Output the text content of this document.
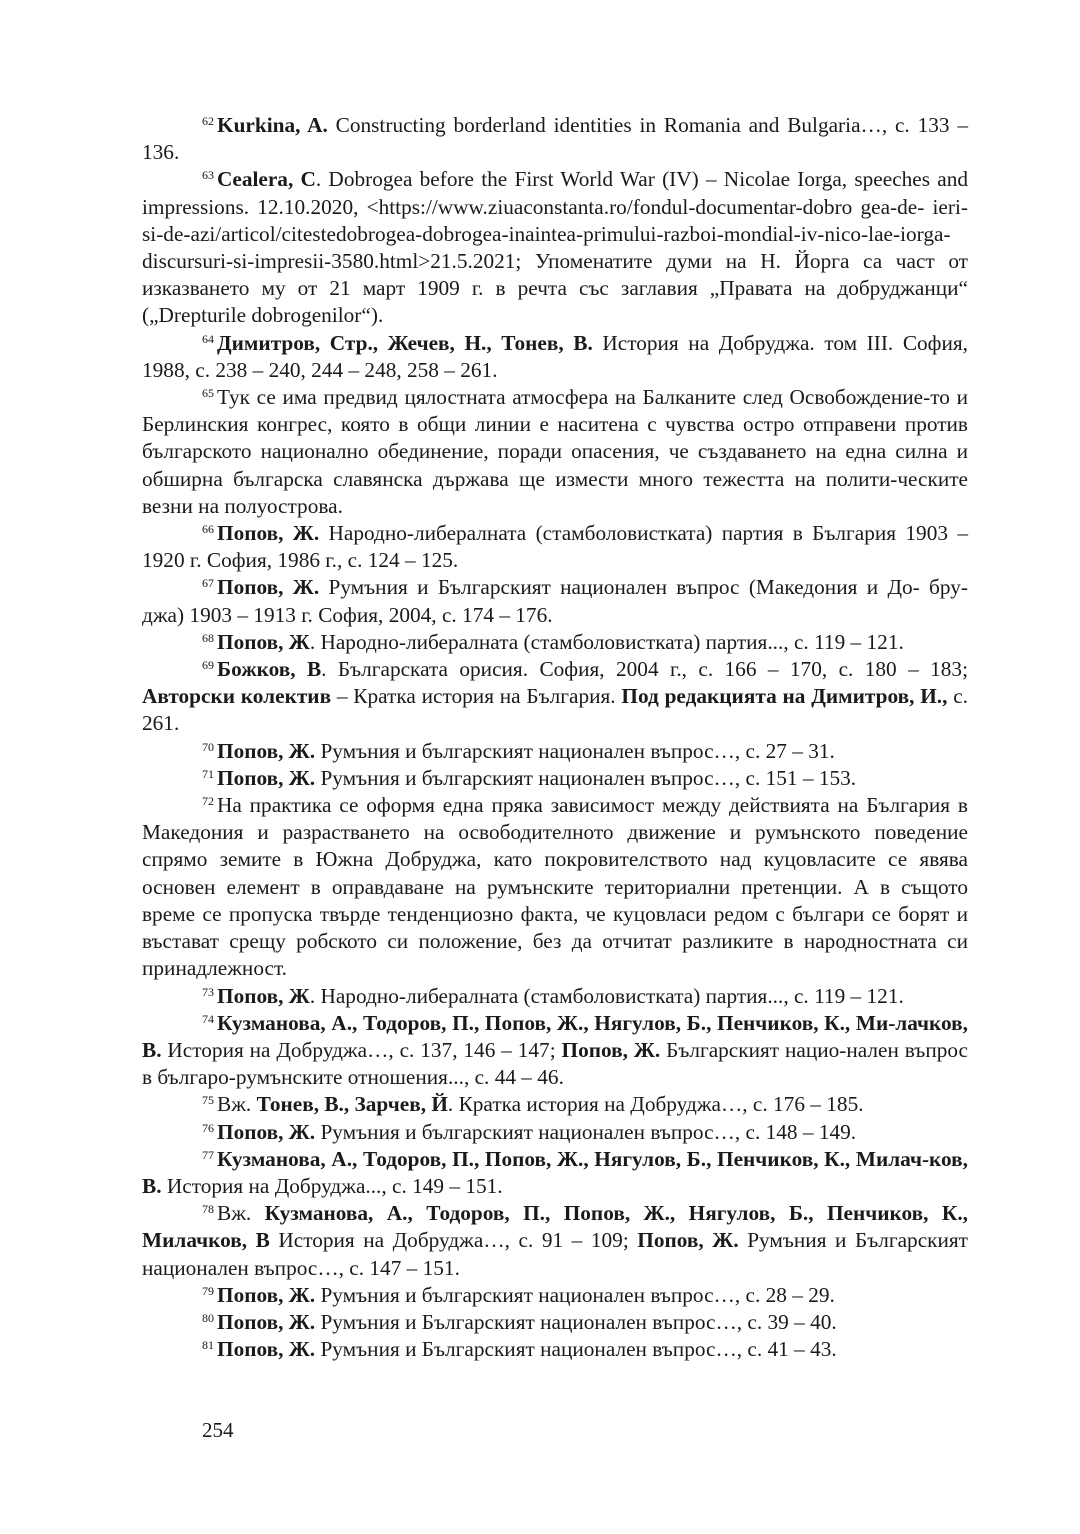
$^{62}$ Kurkina, A. Constructing borderland identities in Romania and Bulgaria…, с. 133 – 136.

$^{63}$ Cealera, C. Dobrogea before the First World War (IV) – Nicolae Iorga, speeches and impressions. 12.10.2020, <https://www.ziuaconstanta.ro/fondul-documentar-dobro gea-de- ieri- si-de-azi/articol/citestedobrogea-dobrogea-inaintea-primului-razboi-mondial-iv-nico-lae-iorga-discursuri-si-impresii-3580.html>21.5.2021; Упоменатите думи на Н. Йорга са част от изказването му от 21 март 1909 г. в речта със заглавия „Правата на добруджанци“ („Drepturile dobrogenilor“).

$^{64}$ Димитров, Стр., Жечев, Н., Тонев, В. История на Добруджа. том ІІІ. София, 1988, с. 238 – 240, 244 – 248, 258 – 261.

$^{65}$ Тук се има предвид цялостната атмосфера на Балканите след Освобождение-то и Берлинския конгрес, която в общи линии е наситена с чувства остро отправени против българското национално обединение, поради опасения, че създаването на една силна и обширна българска славянска държава ще измести много тежестта на полити-ческите везни на полуострова.

$^{66}$ Попов, Ж. Народно-либералната (стамболовистката) партия в България 1903 – 1920 г. София, 1986 г., с. 124 – 125.

$^{67}$ Попов, Ж. Румъния и Българският национален въпрос (Македония и До- бру-джа) 1903 – 1913 г. София, 2004, с. 174 – 176.

$^{68}$ Попов, Ж. Народно-либералната (стамболовистката) партия..., с. 119 – 121.

$^{69}$ Божков, В. Българската орисия. София, 2004 г., с. 166 – 170, с. 180 – 183; Авторски колектив – Кратка история на България. Под редакцията на Димитров, И., с. 261.

$^{70}$ Попов, Ж. Румъния и българският национален въпрос…, с. 27 – 31.

$^{71}$ Попов, Ж. Румъния и българският национален въпрос…, с. 151 – 153.

$^{72}$ На практика се оформя една пряка зависимост между действията на България в Македония и разрастването на освободителното движение и румънското поведение спрямо земите в Южна Добруджа, като покровителството над куцовласите се явява основен елемент в оправдаване на румънските териториални претенции. А в същото време се пропуска твърде тенденциозно факта, че куцовласи редом с българи се борят и въстават срещу робското си положение, без да отчитат разликите в народностната си принадлежност.

$^{73}$ Попов, Ж. Народно-либералната (стамболовистката) партия..., с. 119 – 121.

$^{74}$ Кузманова, А., Тодоров, П., Попов, Ж., Нягулов, Б., Пенчиков, К., Ми-лачков, В. История на Добруджа…, с. 137, 146 – 147; Попов, Ж. Българският нацио-нален въпрос в българо-румънските отношения..., с. 44 – 46.

$^{75}$ Вж. Тонев, В., Зарчев, Й. Кратка история на Добруджа…, с. 176 – 185.

$^{76}$ Попов, Ж. Румъния и българският национален въпрос…, с. 148 – 149.

$^{77}$ Кузманова, А., Тодоров, П., Попов, Ж., Нягулов, Б., Пенчиков, К., Милач-ков, В. История на Добруджа..., с. 149 – 151.

$^{78}$ Вж. Кузманова, А., Тодоров, П., Попов, Ж., Нягулов, Б., Пенчиков, К., Милачков, В История на Добруджа…, с. 91 – 109; Попов, Ж. Румъния и Българският национален въпрос…, с. 147 – 151.

$^{79}$ Попов, Ж. Румъния и българският национален въпрос…, с. 28 – 29.

$^{80}$ Попов, Ж. Румъния и Българският национален въпрос…, с. 39 – 40.

$^{81}$ Попов, Ж. Румъния и Българският национален въпрос…, с. 41 – 43.

254
